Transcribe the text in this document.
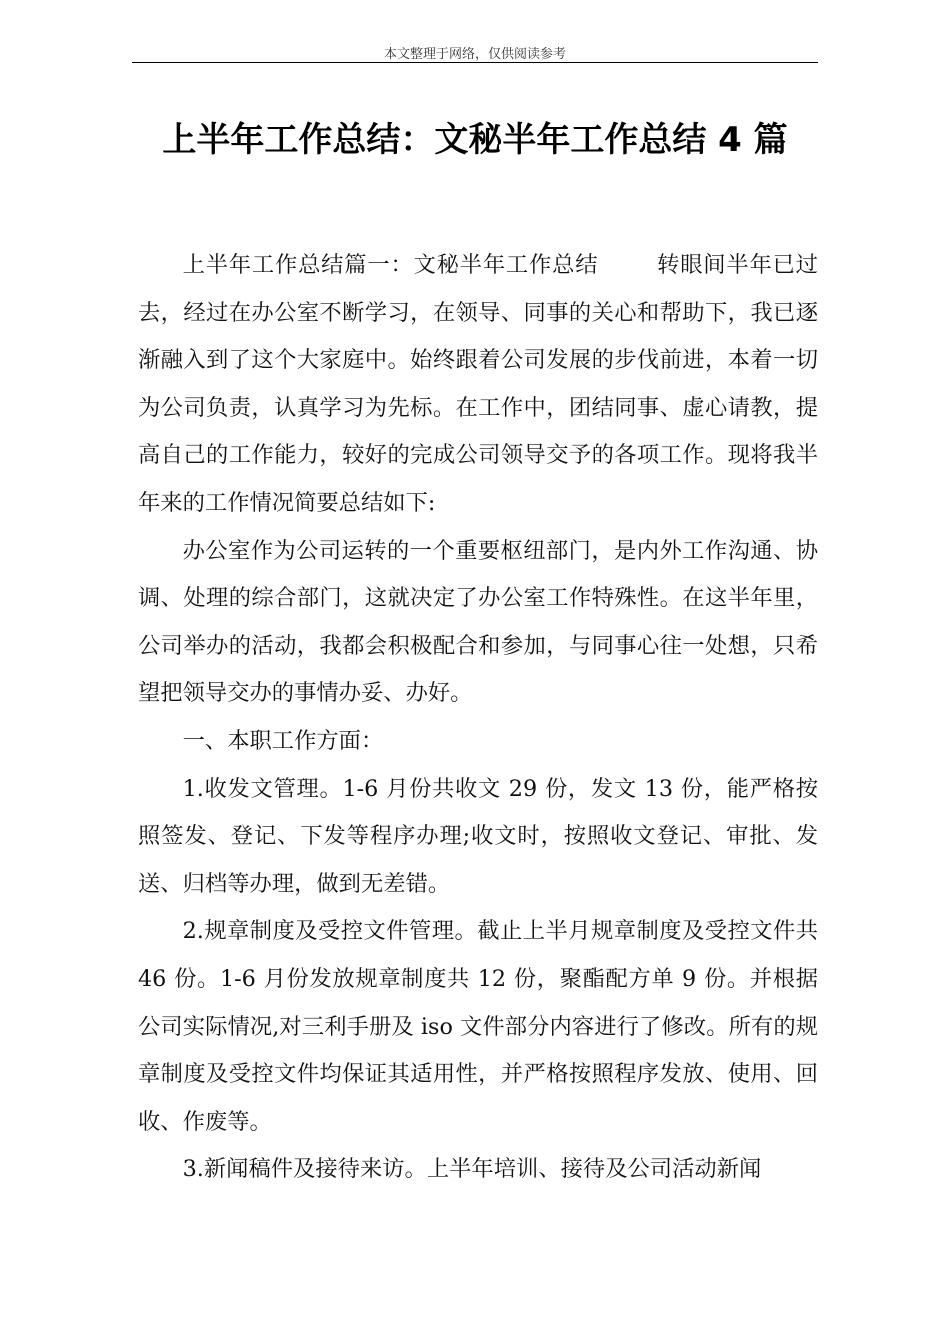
本文整理于网络，仅供阅读参考
上半年工作总结：文秘半年工作总结 4 篇

上半年工作总结篇一：文秘半年工作总结	转眼间半年已过去，经过在办公室不断学习，在领导、同事的关心和帮助下，我已逐渐融入到了这个大家庭中。始终跟着公司发展的步伐前进，本着一切为公司负责，认真学习为先标。在工作中，团结同事、虚心请教，提高自己的工作能力，较好的完成公司领导交予的各项工作。现将我半年来的工作情况简要总结如下:

办公室作为公司运转的一个重要枢纽部门，是内外工作沟通、协调、处理的综合部门，这就决定了办公室工作特殊性。在这半年里，公司举办的活动，我都会积极配合和参加，与同事心往一处想，只希望把领导交办的事情办妥、办好。

一、本职工作方面：

1.收发文管理。1-6 月份共收文 29 份，发文 13 份，能严格按照签发、登记、下发等程序办理;收文时，按照收文登记、审批、发送、归档等办理，做到无差错。

2.规章制度及受控文件管理。截止上半月规章制度及受控文件共 46 份。1-6 月份发放规章制度共 12 份，聚酯配方单 9 份。并根据公司实际情况,对三利手册及 iso 文件部分内容进行了修改。所有的规章制度及受控文件均保证其适用性，并严格按照程序发放、使用、回收、作废等。

3.新闻稿件及接待来访。上半年培训、接待及公司活动新闻
